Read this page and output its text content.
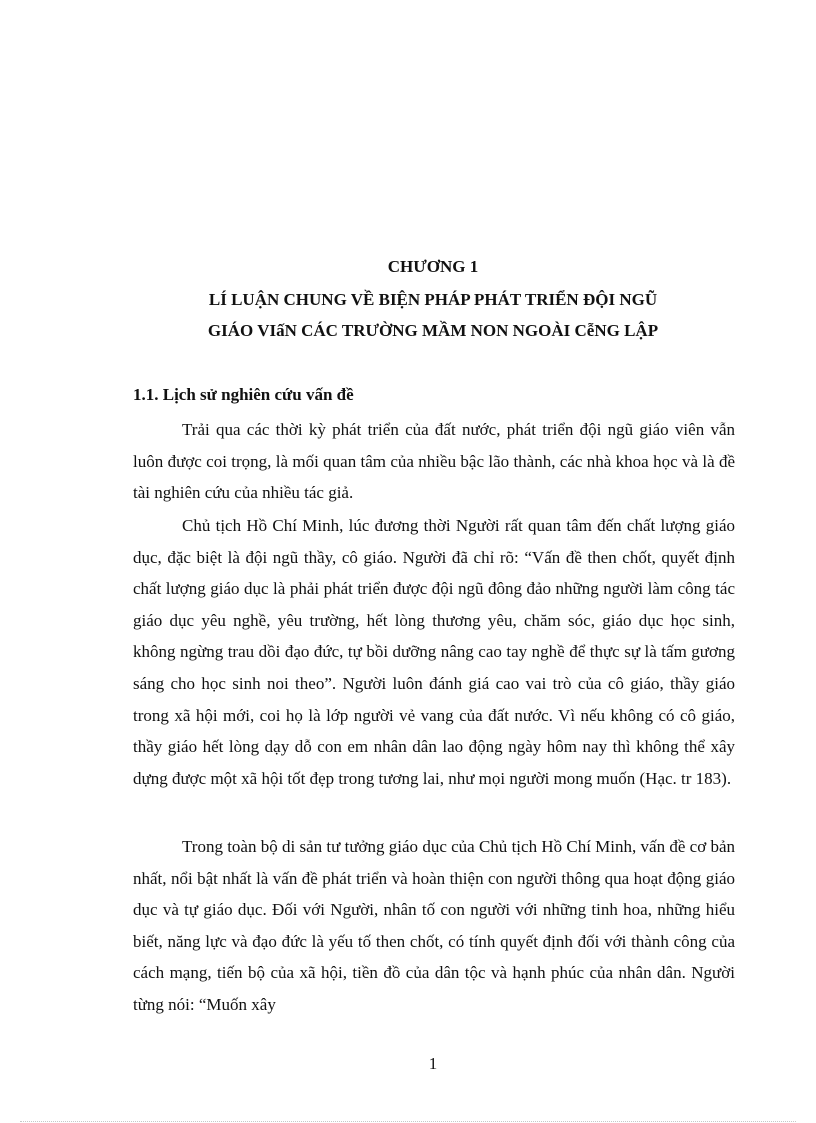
CHƯƠNG 1
LÍ LUẬN CHUNG VỀ BIỆN PHÁP PHÁT TRIỂN ĐỘI NGŨ
GIÁO VIấN CÁC TRƯỜNG MẦM NON NGOÀI CễNG LẬP
1.1. Lịch sử nghiên cứu vấn đề

Trải qua các thời kỳ phát triển của đất nước, phát triển đội ngũ giáo viên vẫn luôn được coi trọng, là mối quan tâm của nhiều bậc lão thành, các nhà khoa học và là đề tài nghiên cứu của nhiều tác giả.

Chủ tịch Hồ Chí Minh, lúc đương thời Người rất quan tâm đến chất lượng giáo dục, đặc biệt là đội ngũ thầy, cô giáo. Người đã chỉ rõ: “Vấn đề then chốt, quyết định chất lượng giáo dục là phải phát triển được đội ngũ đông đảo những người làm công tác giáo dục yêu nghề, yêu trường, hết lòng thương yêu, chăm sóc, giáo dục học sinh, không ngừng trau dồi đạo đức, tự bồi dưỡng nâng cao tay nghề để thực sự là tấm gương sáng cho học sinh noi theo”. Người luôn đánh giá cao vai trò của cô giáo, thầy giáo trong xã hội mới, coi họ là lớp người vẻ vang của đất nước. Vì nếu không có cô giáo, thầy giáo hết lòng dạy dỗ con em nhân dân lao động ngày hôm nay thì không thể xây dựng được một xã hội tốt đẹp trong tương lai, như mọi người mong muốn (Hạc. tr 183).

Trong toàn bộ di sản tư tưởng giáo dục của Chủ tịch Hồ Chí Minh, vấn đề cơ bản nhất, nổi bật nhất là vấn đề phát triển và hoàn thiện con người thông qua hoạt động giáo dục và tự giáo dục. Đối với Người, nhân tố con người với những tinh hoa, những hiểu biết, năng lực và đạo đức là yếu tố then chốt, có tính quyết định đối với thành công của cách mạng, tiến bộ của xã hội, tiền đồ của dân tộc và hạnh phúc của nhân dân. Người từng nói: “Muốn xây

1
